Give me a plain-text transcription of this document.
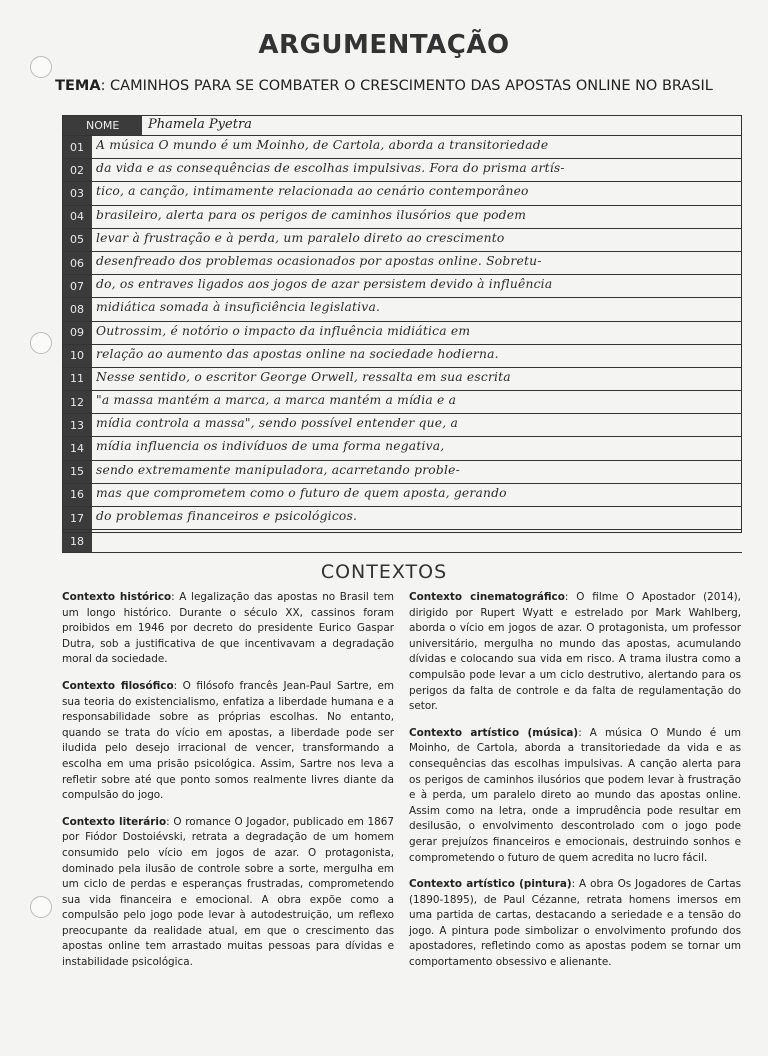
ARGUMENTAÇÃO
TEMA: CAMINHOS PARA SE COMBATER O CRESCIMENTO DAS APOSTAS ONLINE NO BRASIL
NOME	Phamela Pyetra
01 A música O mundo é um Moinho, de Cartola, aborda a transitoriedade
02 da vida e as consequências de escolhas impulsivas. Fora do prisma artís-
03 tico, a canção, intimamente relacionada ao cenário contemporâneo
04 brasileiro, alerta para os perigos de caminhos ilusórios que podem
05 levar à frustração e à perda, um paralelo direto ao crescimento
06 desenfreado dos problemas ocasionados por apostas online. Sobretu-
07 do, os entraves ligados aos jogos de azar persistem devido à influência
08 midiática somada à insuficiência legislativa.
09 Outrossim, é notório o impacto da influência midiática em
10 relação ao aumento das apostas online na sociedade hodierna.
11 Nesse sentido, o escritor George Orwell, ressalta em sua escrita
12 "a massa mantém a marca, a marca mantém a mídia e a
13 mídia controla a massa", sendo possível entender que, a
14 mídia influencia os indivíduos de uma forma negativa,
15 sendo extremamente manipuladora, acarretando proble-
16 mas que comprometem como o futuro de quem aposta, gerando
17 do problemas financeiros e psicológicos.
18
CONTEXTOS

Contexto histórico: A legalização das apostas no Brasil tem um longo histórico. Durante o século XX, cassinos foram proibidos em 1946 por decreto do presidente Eurico Gaspar Dutra, sob a justificativa de que incentivavam a degradação moral da sociedade.

Contexto filosófico: O filósofo francês Jean-Paul Sartre, em sua teoria do existencialismo, enfatiza a liberdade humana e a responsabilidade sobre as próprias escolhas. No entanto, quando se trata do vício em apostas, a liberdade pode ser iludida pelo desejo irracional de vencer, transformando a escolha em uma prisão psicológica. Assim, Sartre nos leva a refletir sobre até que ponto somos realmente livres diante da compulsão do jogo.

Contexto literário: O romance O Jogador, publicado em 1867 por Fiódor Dostoiévski, retrata a degradação de um homem consumido pelo vício em jogos de azar. O protagonista, dominado pela ilusão de controle sobre a sorte, mergulha em um ciclo de perdas e esperanças frustradas, comprometendo sua vida financeira e emocional. A obra expõe como a compulsão pelo jogo pode levar à autodestruição, um reflexo preocupante da realidade atual, em que o crescimento das apostas online tem arrastado muitas pessoas para dívidas e instabilidade psicológica.

Contexto cinematográfico: O filme O Apostador (2014), dirigido por Rupert Wyatt e estrelado por Mark Wahlberg, aborda o vício em jogos de azar. O protagonista, um professor universitário, mergulha no mundo das apostas, acumulando dívidas e colocando sua vida em risco. A trama ilustra como a compulsão pode levar a um ciclo destrutivo, alertando para os perigos da falta de controle e da falta de regulamentação do setor.

Contexto artístico (música): A música O Mundo é um Moinho, de Cartola, aborda a transitoriedade da vida e as consequências das escolhas impulsivas. A canção alerta para os perigos de caminhos ilusórios que podem levar à frustração e à perda, um paralelo direto ao mundo das apostas online. Assim como na letra, onde a imprudência pode resultar em desilusão, o envolvimento descontrolado com o jogo pode gerar prejuízos financeiros e emocionais, destruindo sonhos e comprometendo o futuro de quem acredita no lucro fácil.

Contexto artístico (pintura): A obra Os Jogadores de Cartas (1890-1895), de Paul Cézanne, retrata homens imersos em uma partida de cartas, destacando a seriedade e a tensão do jogo. A pintura pode simbolizar o envolvimento profundo dos apostadores, refletindo como as apostas podem se tornar um comportamento obsessivo e alienante.
